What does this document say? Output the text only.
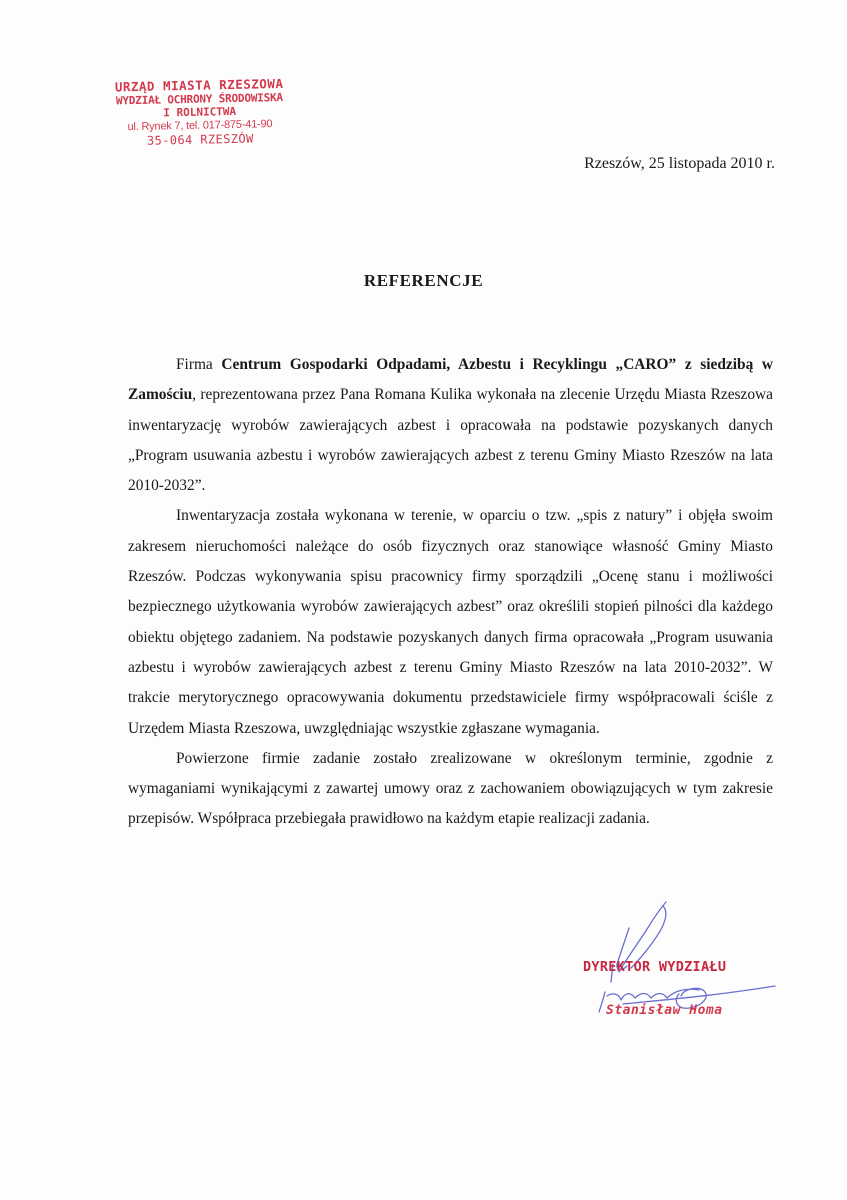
URZĄD MIASTA RZESZOWA
WYDZIAŁ OCHRONY ŚRODOWISKA
I ROLNICTWA
ul. Rynek 7, tel. 017-875-41-90
35-064 RZESZÓW
Rzeszów, 25 listopada 2010 r.
REFERENCJE

Firma Centrum Gospodarki Odpadami, Azbestu i Recyklingu „CARO” z siedzibą w Zamościu, reprezentowana przez Pana Romana Kulika wykonała na zlecenie Urzędu Miasta Rzeszowa inwentaryzację wyrobów zawierających azbest i opracowała na podstawie pozyskanych danych „Program usuwania azbestu i wyrobów zawierających azbest z terenu Gminy Miasto Rzeszów na lata 2010-2032”.

Inwentaryzacja została wykonana w terenie, w oparciu o tzw. „spis z natury” i objęła swoim zakresem nieruchomości należące do osób fizycznych oraz stanowiące własność Gminy Miasto Rzeszów. Podczas wykonywania spisu pracownicy firmy sporządzili „Ocenę stanu i możliwości bezpiecznego użytkowania wyrobów zawierających azbest” oraz określili stopień pilności dla każdego obiektu objętego zadaniem. Na podstawie pozyskanych danych firma opracowała „Program usuwania azbestu i wyrobów zawierających azbest z terenu Gminy Miasto Rzeszów na lata 2010-2032”. W trakcie merytorycznego opracowywania dokumentu przedstawiciele firmy współpracowali ściśle z Urzędem Miasta Rzeszowa, uwzględniając wszystkie zgłaszane wymagania.

Powierzone firmie zadanie zostało zrealizowane w określonym terminie, zgodnie z wymaganiami wynikającymi z zawartej umowy oraz z zachowaniem obowiązujących w tym zakresie przepisów. Współpraca przebiegała prawidłowo na każdym etapie realizacji zadania.

DYREKTOR WYDZIAŁU
Stanisław Homa
